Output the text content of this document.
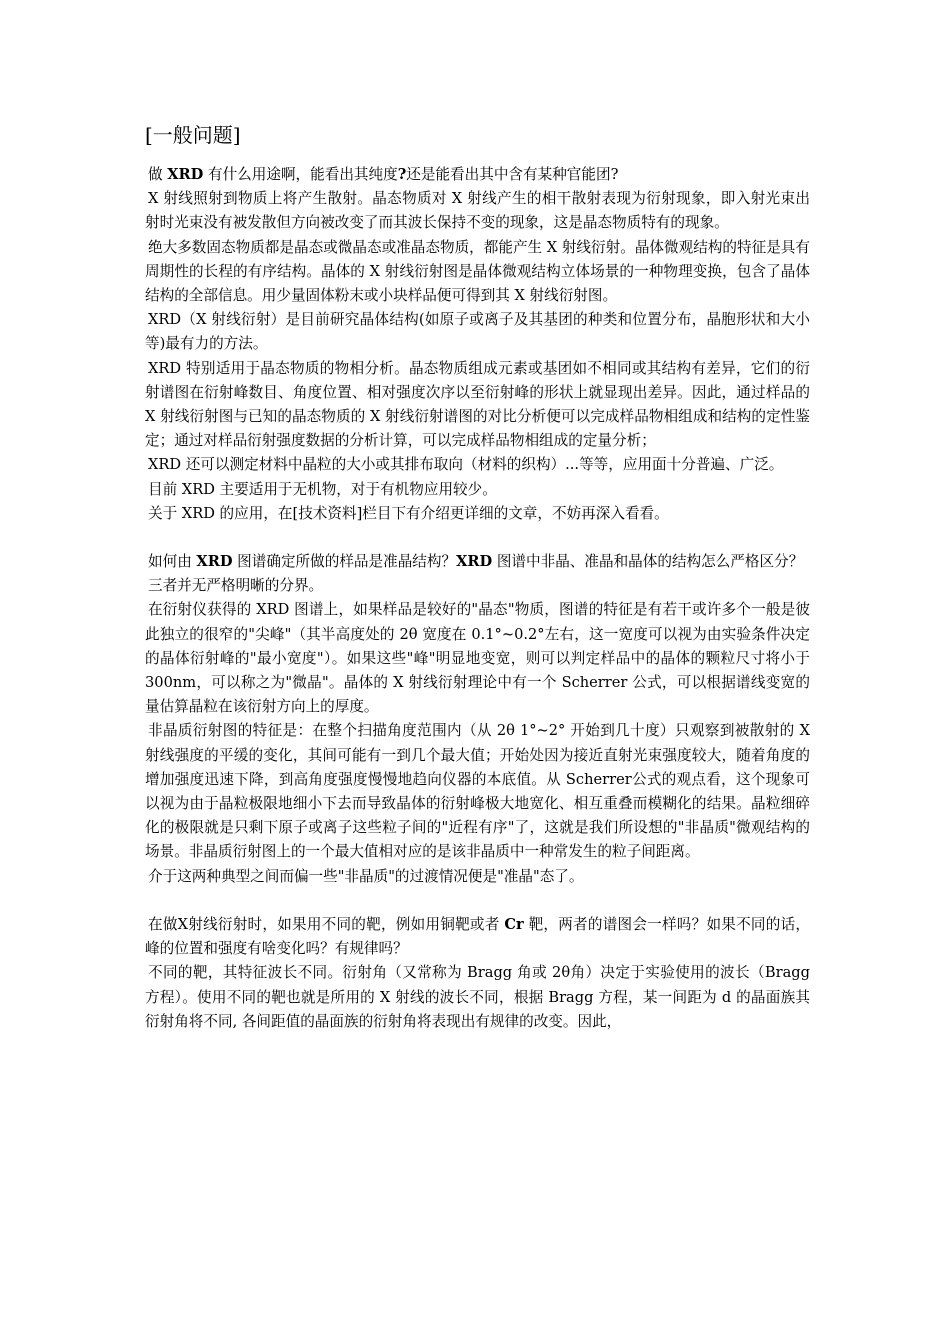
[一般问题]

做 XRD 有什么用途啊，能看出其纯度?还是能看出其中含有某种官能团?

X 射线照射到物质上将产生散射。晶态物质对 X 射线产生的相干散射表现为衍射现象，即入射光束出射时光束没有被发散但方向被改变了而其波长保持不变的现象，这是晶态物质特有的现象。

绝大多数固态物质都是晶态或微晶态或准晶态物质，都能产生 X 射线衍射。晶体微观结构的特征是具有周期性的长程的有序结构。晶体的 X 射线衍射图是晶体微观结构立体场景的一种物理变换，包含了晶体结构的全部信息。用少量固体粉末或小块样品便可得到其 X 射线衍射图。

XRD（X 射线衍射）是目前研究晶体结构(如原子或离子及其基团的种类和位置分布，晶胞形状和大小等)最有力的方法。

XRD 特别适用于晶态物质的物相分析。晶态物质组成元素或基团如不相同或其结构有差异，它们的衍射谱图在衍射峰数目、角度位置、相对强度次序以至衍射峰的形状上就显现出差异。因此，通过样品的 X 射线衍射图与已知的晶态物质的 X 射线衍射谱图的对比分析便可以完成样品物相组成和结构的定性鉴定；通过对样品衍射强度数据的分析计算，可以完成样品物相组成的定量分析；

XRD 还可以测定材料中晶粒的大小或其排布取向（材料的织构）...等等，应用面十分普遍、广泛。

目前 XRD 主要适用于无机物，对于有机物应用较少。

关于 XRD 的应用，在[技术资料]栏目下有介绍更详细的文章，不妨再深入看看。

如何由 XRD 图谱确定所做的样品是准晶结构？XRD 图谱中非晶、准晶和晶体的结构怎么严格区分？

三者并无严格明晰的分界。

在衍射仪获得的 XRD 图谱上，如果样品是较好的"晶态"物质，图谱的特征是有若干或许多个一般是彼此独立的很窄的"尖峰"（其半高度处的 2θ 宽度在 0.1°~0.2°左右，这一宽度可以视为由实验条件决定的晶体衍射峰的"最小宽度"）。如果这些"峰"明显地变宽，则可以判定样品中的晶体的颗粒尺寸将小于 300nm，可以称之为"微晶"。晶体的 X 射线衍射理论中有一个 Scherrer 公式，可以根据谱线变宽的量估算晶粒在该衍射方向上的厚度。

非晶质衍射图的特征是：在整个扫描角度范围内（从 2θ 1°~2° 开始到几十度）只观察到被散射的 X 射线强度的平缓的变化，其间可能有一到几个最大值；开始处因为接近直射光束强度较大，随着角度的增加强度迅速下降，到高角度强度慢慢地趋向仪器的本底值。从 Scherrer公式的观点看，这个现象可以视为由于晶粒极限地细小下去而导致晶体的衍射峰极大地宽化、相互重叠而模糊化的结果。晶粒细碎化的极限就是只剩下原子或离子这些粒子间的"近程有序"了，这就是我们所设想的"非晶质"微观结构的场景。非晶质衍射图上的一个最大值相对应的是该非晶质中一种常发生的粒子间距离。

介于这两种典型之间而偏一些"非晶质"的过渡情况便是"准晶"态了。

在做X射线衍射时，如果用不同的靶，例如用铜靶或者 Cr 靶，两者的谱图会一样吗？如果不同的话，峰的位置和强度有啥变化吗？有规律吗？

不同的靶，其特征波长不同。衍射角（又常称为 Bragg 角或 2θ角）决定于实验使用的波长（Bragg 方程）。使用不同的靶也就是所用的 X 射线的波长不同，根据 Bragg 方程，某一间距为 d 的晶面族其衍射角将不同, 各间距值的晶面族的衍射角将表现出有规律的改变。因此，
